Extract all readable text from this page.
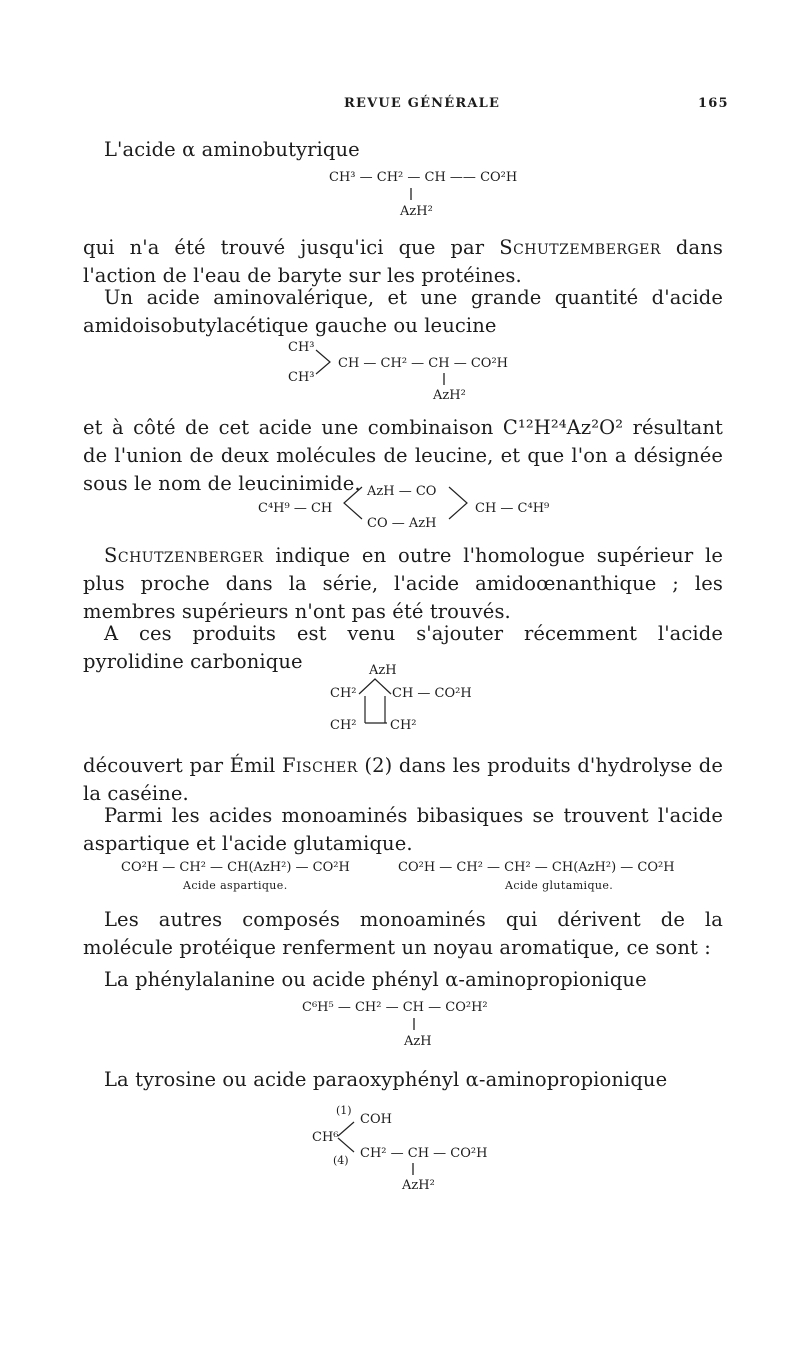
REVUE GÉNÉRALE	165
L'acide α aminobutyrique
CH³ — CH² — CH —— CO²H
AzH²
qui n'a été trouvé jusqu'ici que par Schutzemberger dans l'action de l'eau de baryte sur les protéines.
Un acide aminovalérique, et une grande quantité d'acide amidoisobutylacétique gauche ou leucine
CH³
CH³
CH — CH² — CH — CO²H
AzH²
et à côté de cet acide une combinaison C¹²H²⁴Az²O² résultant de l'union de deux molécules de leucine, et que l'on a désignée sous le nom de leucinimide.
C⁴H⁹ — CH
AzH — CO
CO — AzH
CH — C⁴H⁹
Schutzenberger indique en outre l'homologue supérieur le plus proche dans la série, l'acide amidoœnanthique ; les membres supérieurs n'ont pas été trouvés.
A ces produits est venu s'ajouter récemment l'acide pyrolidine carbonique	AzH
CH²	CH — CO²H
CH²	CH²
découvert par Émil Fischer (2) dans les produits d'hydrolyse de la caséine.
Parmi les acides monoaminés bibasiques se trouvent l'acide aspartique et l'acide glutamique.
CO²H — CH² — CH(AzH²) — CO²H
Acide aspartique.
CO²H — CH² — CH² — CH(AzH²) — CO²H
Acide glutamique.
Les autres composés monoaminés qui dérivent de la molécule protéique renferment un noyau aromatique, ce sont :
La phénylalanine ou acide phényl α-aminopropionique
C⁶H⁵ — CH² — CH — CO²H²
AzH
La tyrosine ou acide paraoxyphényl α-aminopropionique
(1)
COH
CH⁶
CH² — CH — CO²H
(4)
AzH²
